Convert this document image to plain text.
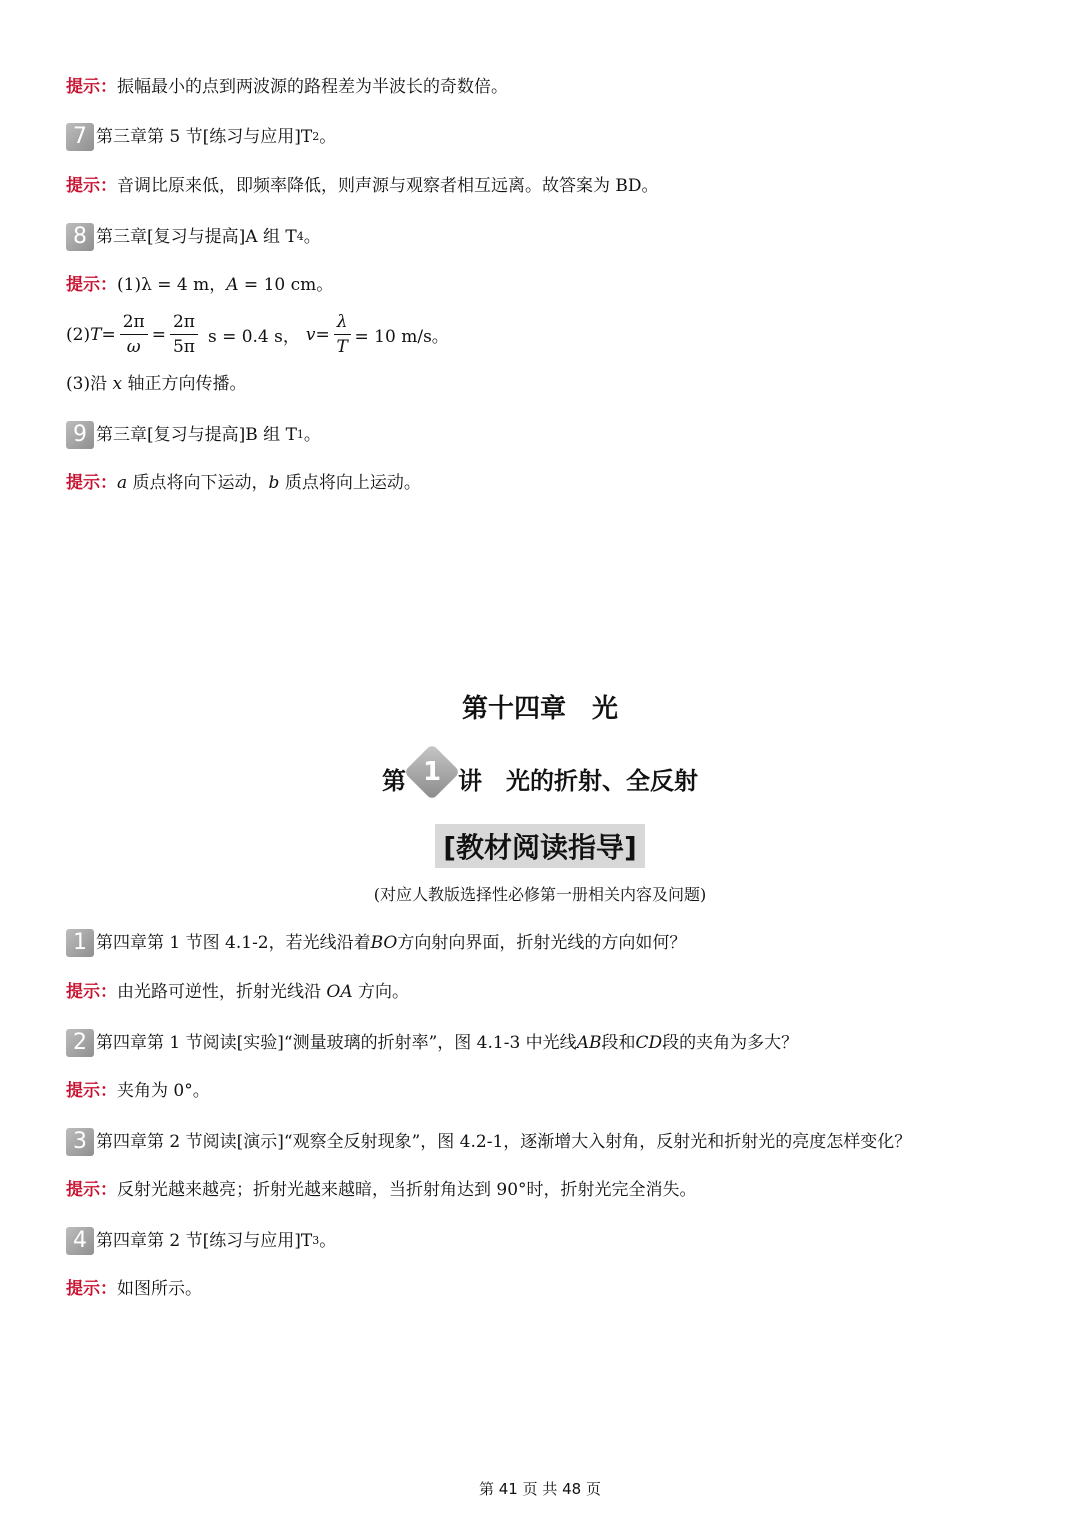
提示：振幅最小的点到两波源的路程差为半波长的奇数倍。
7 第三章第 5 节[练习与应用]T 2 。
提示：音调比原来低，即频率降低，则声源与观察者相互远离。故答案为 BD。
8 第三章[复习与提高]A 组 T 4 。
提示：(1)λ = 4 m，A = 10 cm。
(2) $T = \frac{2\pi}{\omega} = \frac{2\pi}{5\pi}$ s = 0.4 s， $v = \frac{\lambda}{T} = 10$ m/s。
(3)沿 x 轴正方向传播。
9 第三章[复习与提高]B 组 T 1 。
提示：a 质点将向下运动，b 质点将向上运动。
第十四章　光
第 1 讲　光的折射、全反射
[教材阅读指导]
(对应人教版选择性必修第一册相关内容及问题)
1 第四章第 1 节图 4.1-2，若光线沿着 BO 方向射向界面，折射光线的方向如何？
提示：由光路可逆性，折射光线沿 OA 方向。
2 第四章第 1 节阅读[实验]“测量玻璃的折射率”，图 4.1-3 中光线 AB 段和 CD 段的夹角为多大？
提示：夹角为 0°。
3 第四章第 2 节阅读[演示]“观察全反射现象”，图 4.2-1，逐渐增大入射角，反射光和折射光的亮度怎样变化？
提示：反射光越来越亮；折射光越来越暗，当折射角达到 90°时，折射光完全消失。
4 第四章第 2 节[练习与应用]T 3 。
提示：如图所示。
第 41 页 共 48 页
